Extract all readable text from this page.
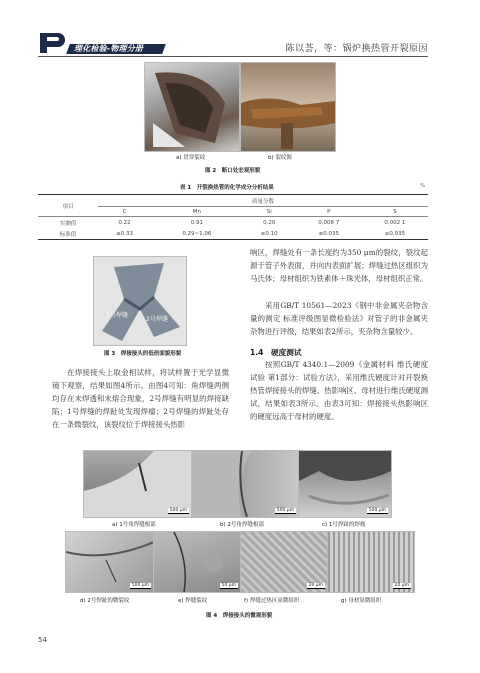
理化检验-物理分册	陈以荟，等：锅炉换热管开裂原因
a) 贯穿裂纹	b) 裂纹源
图 2　断口处宏观形貌
表 1　开裂换热管的化学成分分析结果	%
项目	质量分数				
	C	Mn	Si	P	S
实测值	0.22	0.91	0.20	0.008 7	0.002 1
标准值	≤0.33	0.29~1.06	≥0.10	≤0.035	≤0.035
1号焊缝
2号焊缝
图 3　焊接接头的低倍面貌形貌
在焊接接头上取金相试样，将试样置于光学显微镜下观察，结果如图4所示。由图4可知：角焊缝两侧均存在未焊透和未熔合现象，2号焊缝有明显的焊接缺陷；1号焊缝的焊趾处发现焊瘤；2号焊缝的焊趾处存在一条微裂纹，该裂纹位于焊接接头热影
响区，焊缝处有一条长度约为350 μm的裂纹，裂纹起源于管子外表面，并向内表面扩展；焊缝过热区组织为马氏体；母材组织为铁素体＋珠光体，母材组织正常。
采用GB/T 10561—2023《钢中非金属夹杂物含量的测定 标准评级图显微检验法》对管子的非金属夹杂物进行评级，结果如表2所示，夹杂物含量较少。
1.4　硬度测试
按照GB/T 4340.1—2009《金属材料 维氏硬度试验 第1部分：试验方法》，采用维氏硬度计对开裂换热管焊接接头的焊缝、热影响区、母材进行维氏硬度测试，结果如表3所示。由表3可知：焊接接头热影响区的硬度远高于母材的硬度。
500 μm	500 μm	500 μm
a) 1号角焊缝根部	b) 2号角焊缝根部	c) 1号焊趾的焊瘤
500 μm	50 μm	20 μm	20 μm
d) 2号焊趾的微裂纹	e) 焊缝裂纹	f) 焊缝过热区显微组织	g) 母材显微组织
图 4　焊接接头的微观形貌
54
